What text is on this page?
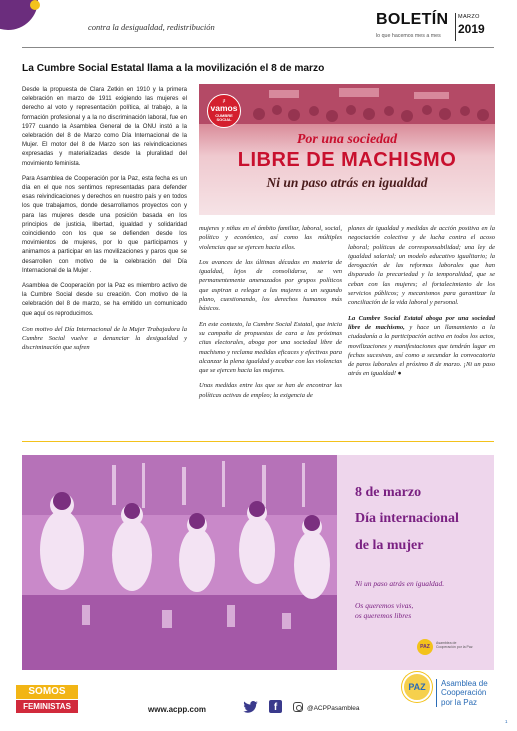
contra la desigualdad, redistribución	BOLETÍN MARZO
2019
lo que hacemos mes a mes
La Cumbre Social Estatal llama a la movilización el 8 de marzo

Desde la propuesta de Clara Zetkin en 1910 y la primera celebración en marzo de 1911 exigiendo las mujeres el derecho al voto y representación política, al trabajo, a la formación profesional y a la no discriminación laboral, fue en 1977 cuando la Asamblea General de la ONU instó a la celebración del 8 de Marzo como Día Internacional de la Mujer. El motor del 8 de Marzo son las reivindicaciones expresadas y materializadas desde la pluralidad del movimiento feminista.

Para Asamblea de Cooperación por la Paz, esta fecha es un día en el que nos sentimos representadas para defender esas reivindicaciones y derechos en nuestro país y en todos los que trabajamos, donde desarrollamos proyectos con y para las mujeres desde una posición basada en los principios de justicia, libertad, igualdad y solidaridad coincidiendo con los que se defienden desde los movimientos de mujeres, por lo que participamos y animamos a participar en las movilizaciones y paros que se desarrollen con motivo de la celebración del Día Internacional de la Mujer .

Asamblea de Cooperación por la Paz es miembro activo de la Cumbre Social desde su creación. Con motivo de la celebración del 8 de marzo, se ha emitido un comunicado que aquí os reproducimos.

Con motivo del Día Internacional de la Mujer Trabajadora la Cumbre Social vuelve a denunciar la desigualdad y discriminación que sufren

¡!
vamos
CUMBRE SOCIAL
Por una sociedad
LIBRE DE MACHISMO
Ni un paso atrás en igualdad

mujeres y niñas en el ámbito familiar, laboral, social, político y económico, así como las múltiples violencias que se ejercen hacia ellos.

Los avances de las últimas décadas en materia de igualdad, lejos de consolidarse, se ven permanentemente amenazados por grupos políticos que aspiran a relegar a las mujeres a un segundo plano, cuestionando, los derechos humanos más básicos.

En este contexto, la Cumbre Social Estatal, que inicia su campaña de propuestas de cara a las próximas citas electorales, aboga por una sociedad libre de machismo y reclama medidas eficaces y efectivas para alcanzar la plena igualdad y acabar con las violencias que se ejercen hacia las mujeres.

Unas medidas entre las que se han de encontrar las políticas activas de empleo; la exigencia de

planes de igualdad y medidas de acción positiva en la negociación colectiva y de lucha contra el acoso laboral; políticas de corresponsabilidad; una ley de igualdad salarial; un modelo educativo igualitario; la derogación de las reformas laborales que han disparado la precariedad y la temporalidad, que se ceban con las mujeres; el fortalecimiento de los servicios públicos; y mecanismos para garantizar la conciliación de la vida laboral y personal.

La Cumbre Social Estatal aboga por una sociedad libre de machismo, y hace un llamamiento a la ciudadanía a la participación activa en todos los actos, movilizaciones y manifestaciones que tendrán lugar en fechas sucesivas, así como a secundar la convocatoria de paros laborales el próximo 8 de marzo. ¡Ni un paso atrás en igualdad! ●

8 de marzo
Día internacional
de la mujer
Ni un paso atrás en igualdad.
Os queremos vivas,
os queremos libres
PAZ
Asamblea de Cooperación por la Paz
SOMOS
FEMINISTAS	www.acpp.com	f	@ACPPasamblea
PAZ	Asamblea de
Cooperación
por la Paz
1
